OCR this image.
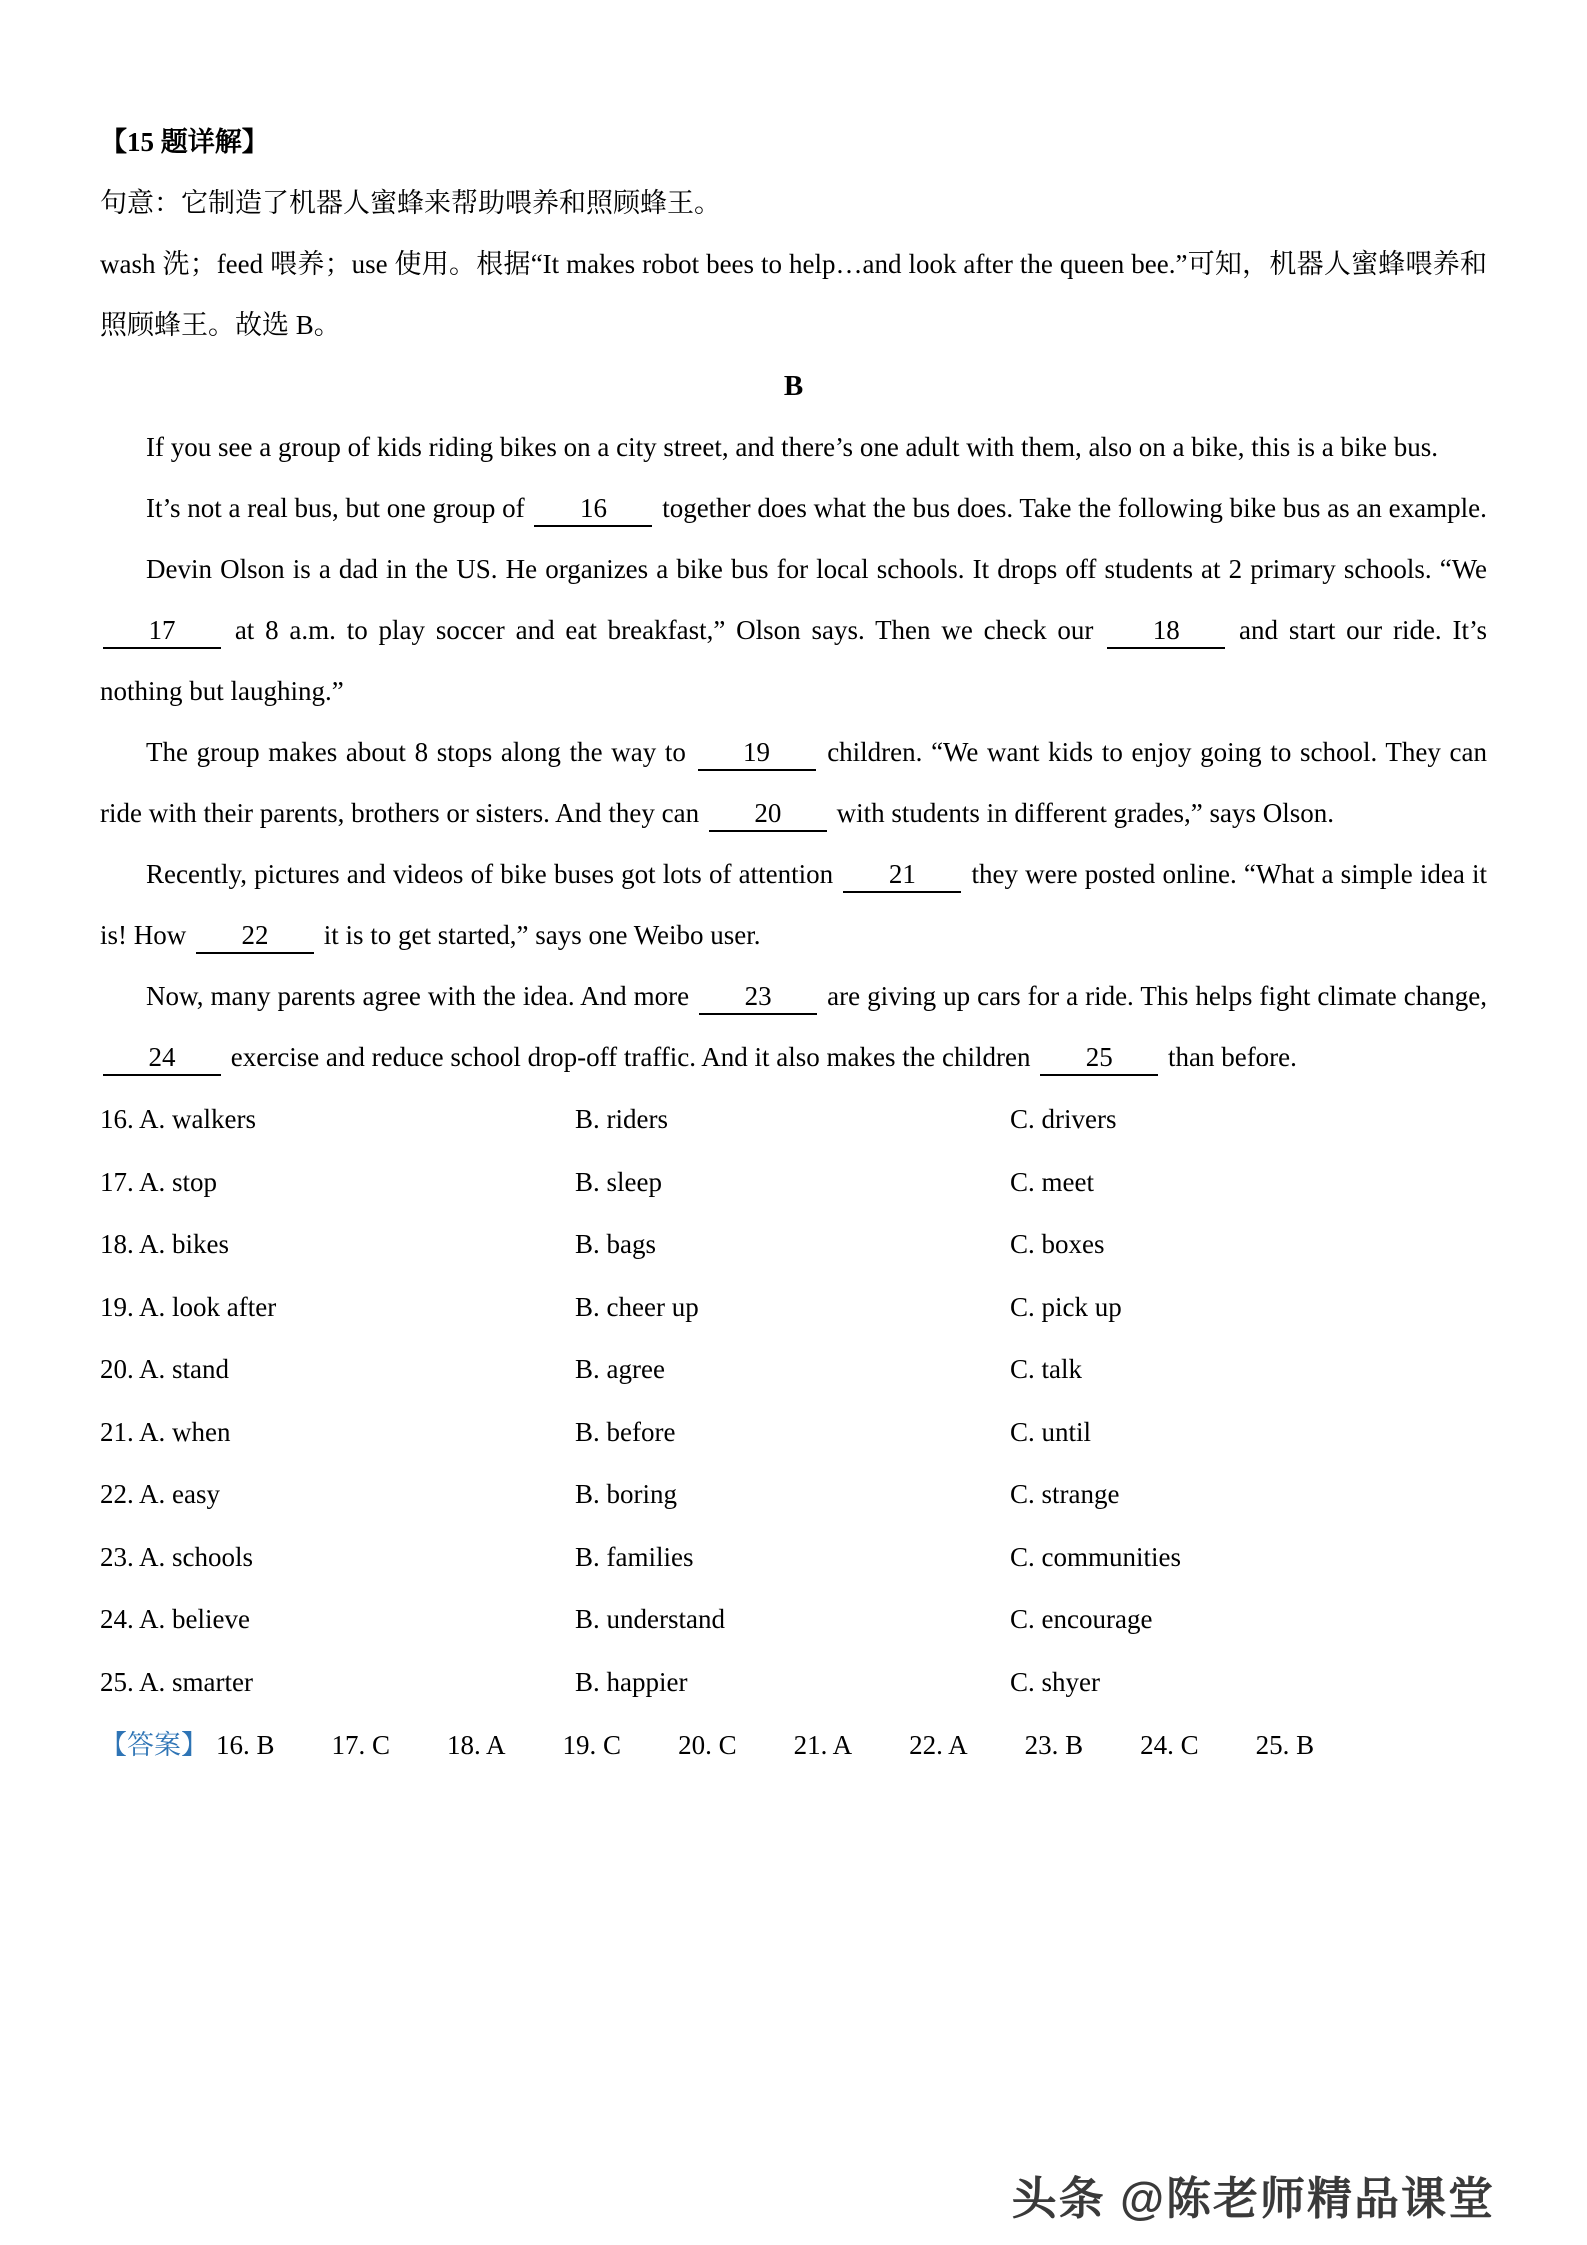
【15 题详解】

句意：它制造了机器人蜜蜂来帮助喂养和照顾蜂王。

wash 洗；feed 喂养；use 使用。根据“It makes robot bees to help…and look after the queen bee.”可知，机器人蜜蜂喂养和照顾蜂王。故选 B。

B

If you see a group of kids riding bikes on a city street, and there’s one adult with them, also on a bike, this is a bike bus.

It’s not a real bus, but one group of 16 together does what the bus does. Take the following bike bus as an example.

Devin Olson is a dad in the US. He organizes a bike bus for local schools. It drops off students at 2 primary schools. “We 17 at 8 a.m. to play soccer and eat breakfast,” Olson says. Then we check our 18 and start our ride. It’s nothing but laughing.”

The group makes about 8 stops along the way to 19 children. “We want kids to enjoy going to school. They can ride with their parents, brothers or sisters. And they can 20 with students in different grades,” says Olson.

Recently, pictures and videos of bike buses got lots of attention 21 they were posted online. “What a simple idea it is! How 22 it is to get started,” says one Weibo user.

Now, many parents agree with the idea. And more 23 are giving up cars for a ride. This helps fight climate change, 24 exercise and reduce school drop-off traffic. And it also makes the children 25 than before.

16. A. walkers	B. riders	C. drivers
17. A. stop	B. sleep	C. meet
18. A. bikes	B. bags	C. boxes
19. A. look after	B. cheer up	C. pick up
20. A. stand	B. agree	C. talk
21. A. when	B. before	C. until
22. A. easy	B. boring	C. strange
23. A. schools	B. families	C. communities
24. A. believe	B. understand	C. encourage
25. A. smarter	B. happier	C. shyer
【答案】 16. B 17. C 18. A 19. C 20. C 21. A 22. A 23. B 24. C 25. B
头条 @陈老师精品课堂
